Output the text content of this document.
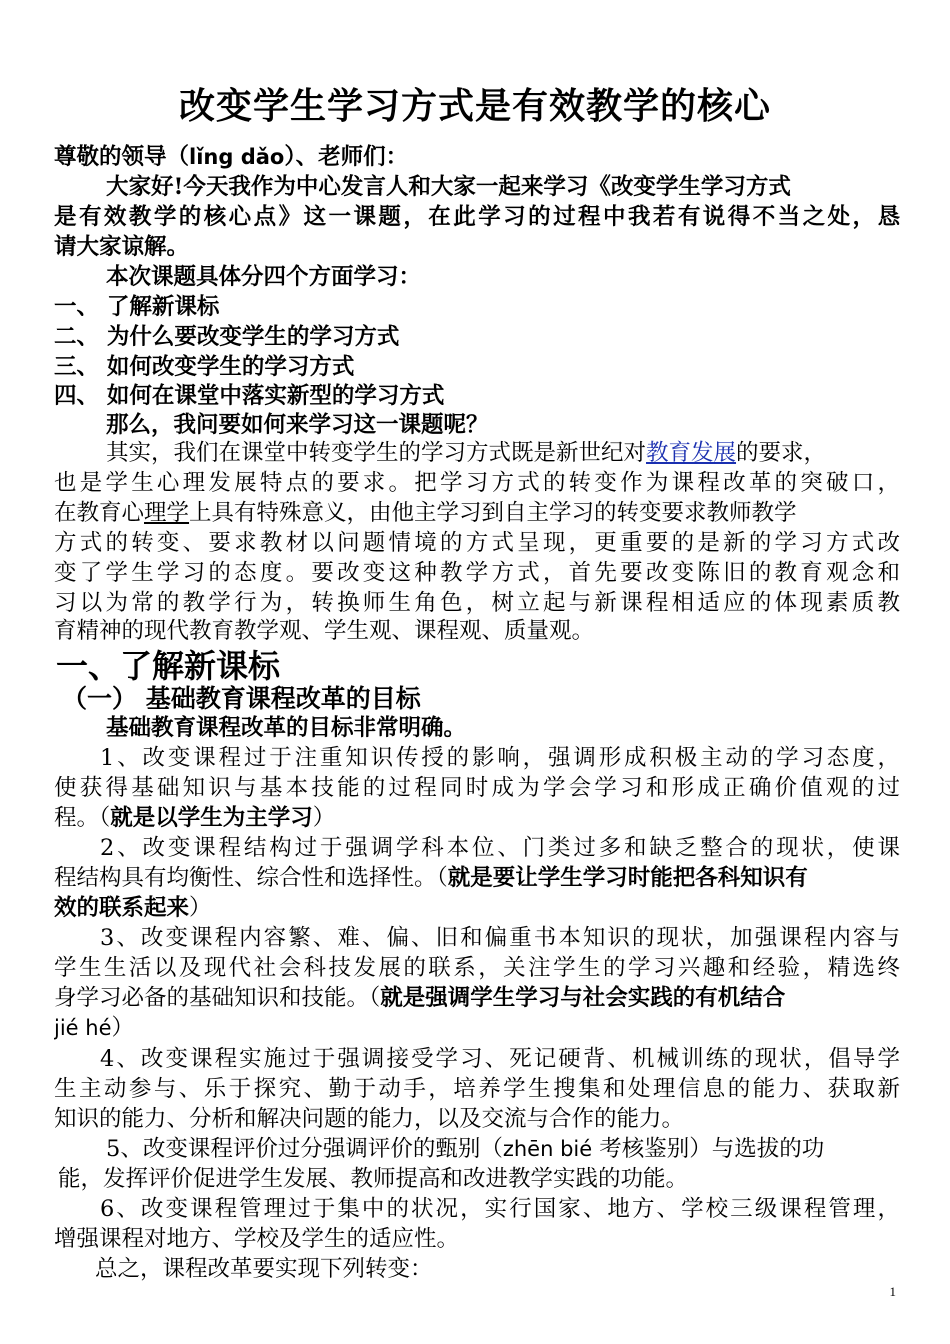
改变学生学习方式是有效教学的核心
尊敬的领导（lǐng dǎo）、老师们：
大家好!今天我作为中心发言人和大家一起来学习《改变学生学习方式
是有效教学的核心点》这一课题，在此学习的过程中我若有说得不当之处，恳
请大家谅解。
本次课题具体分四个方面学习：
一、 了解新课标
二、 为什么要改变学生的学习方式
三、 如何改变学生的学习方式
四、 如何在课堂中落实新型的学习方式
那么，我问要如何来学习这一课题呢？
其实，我们在课堂中转变学生的学习方式既是新世纪对教育发展的要求，
也是学生心理发展特点的要求。把学习方式的转变作为课程改革的突破口，
在教育心理学上具有特殊意义，由他主学习到自主学习的转变要求教师教学
方式的转变、要求教材以问题情境的方式呈现，更重要的是新的学习方式改
变了学生学习的态度。要改变这种教学方式，首先要改变陈旧的教育观念和
习以为常的教学行为，转换师生角色，树立起与新课程相适应的体现素质教
育精神的现代教育教学观、学生观、课程观、质量观。
一、了解新课标
（一） 基础教育课程改革的目标
基础教育课程改革的目标非常明确。
1、改变课程过于注重知识传授的影响，强调形成积极主动的学习态度，
使获得基础知识与基本技能的过程同时成为学会学习和形成正确价值观的过
程。（就是以学生为主学习）
2、改变课程结构过于强调学科本位、门类过多和缺乏整合的现状，使课
程结构具有均衡性、综合性和选择性。（就是要让学生学习时能把各科知识有
效的联系起来）
3、改变课程内容繁、难、偏、旧和偏重书本知识的现状，加强课程内容与
学生生活以及现代社会科技发展的联系，关注学生的学习兴趣和经验，精选终
身学习必备的基础知识和技能。（就是强调学生学习与社会实践的有机结合
jié hé）
4、改变课程实施过于强调接受学习、死记硬背、机械训练的现状，倡导学
生主动参与、乐于探究、勤于动手，培养学生搜集和处理信息的能力、获取新
知识的能力、分析和解决问题的能力，以及交流与合作的能力。
5、改变课程评价过分强调评价的甄别（zhēn bié 考核鉴别）与选拔的功
能，发挥评价促进学生发展、教师提高和改进教学实践的功能。
6、改变课程管理过于集中的状况，实行国家、地方、学校三级课程管理，
增强课程对地方、学校及学生的适应性。
总之，课程改革要实现下列转变：
1
